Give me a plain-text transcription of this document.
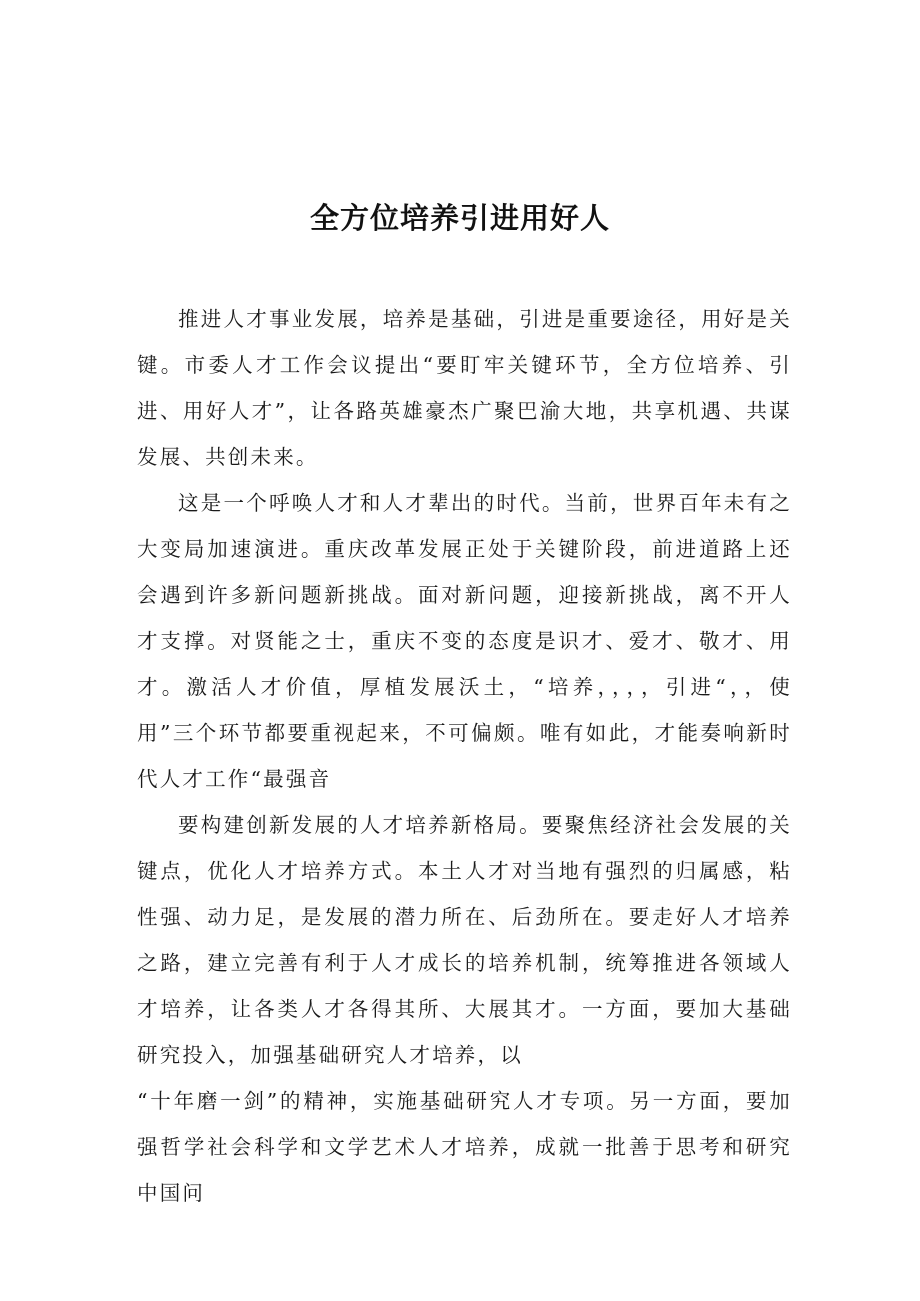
全方位培养引进用好人

推进人才事业发展，培养是基础，引进是重要途径，用好是关键。市委人才工作会议提出“要盯牢关键环节，全方位培养、引进、用好人才”，让各路英雄豪杰广聚巴渝大地，共享机遇、共谋发展、共创未来。

这是一个呼唤人才和人才辈出的时代。当前，世界百年未有之大变局加速演进。重庆改革发展正处于关键阶段，前进道路上还会遇到许多新问题新挑战。面对新问题，迎接新挑战，离不开人才支撑。对贤能之士，重庆不变的态度是识才、爱才、敬才、用才。激活人才价值，厚植发展沃土，“培养，，，，引进“，，使用”三个环节都要重视起来，不可偏颇。唯有如此，才能奏响新时代人才工作“最强音

要构建创新发展的人才培养新格局。要聚焦经济社会发展的关键点，优化人才培养方式。本土人才对当地有强烈的归属感，粘性强、动力足，是发展的潜力所在、后劲所在。要走好人才培养之路，建立完善有利于人才成长的培养机制，统筹推进各领域人才培养，让各类人才各得其所、大展其才。一方面，要加大基础研究投入，加强基础研究人才培养，以

“十年磨一剑”的精神，实施基础研究人才专项。另一方面，要加强哲学社会科学和文学艺术人才培养，成就一批善于思考和研究中国问
